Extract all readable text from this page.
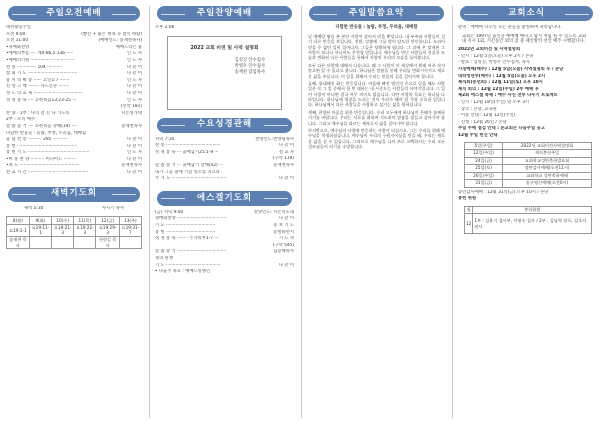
주일오전예배
대전광동주일
오전 9:00	(빨간 + 붙은 계속 꼭 참석 바람)
오전 11:00	(예배인도: 송재천목사)
•경배와찬양	예배드리는 중
•예배의부름 ···· 계4:8b,5:13b ·····	인 도 자
•예배의기원 ································	인 도 자
찬 송 ·············· 104 ···········	다 같 이
참 회 기 도 ····································	다 같 이
용 서 의 확 증 ······ 요일1:7 ·······	인 도 자
신 앙 고 백 ········ 사도신경 ········	다 같 이
성 도 의 교 제 ····································	다 같 이
성 경 봉 독 ···· 요한복음13:23-25 ···	인 도 자
(신약 181)
찬 양 · 1부 : 나의 갈 길 다 가도록	시온성가대
2부 : 오직 예수
말 씀 증 거 ···· 요한복음 강해(34) ····	송재천목사
다함한 반응들 : 놀람, 부정, 두려움, 대배함
응 답 찬 송 ·········· 295 ···········	다 같 이
봉 헌 ············································	다 같 이
봉 헌 기 도 ·············································	인 도 자
•마 송 찬 양 ·········· 미디어드 ·········	다 같 이
•축 도 ············································	송재천목사
친 교 시 간 ············································	다 같 이
새벽기도회
새벽 5:30	사시기 목사
8(월)	9(화)	10(수)	11(목)	12(금)	13(주)
요19:1-1	요19:11-1	요19:21-3	요19:22-3	요19:29-3	요19:31-7
송재천 목사				천헌길 목사	
주일찬양예배
오후 2:00
2022 교회 비전 및 사역 설명회
김성진 안수집사
박영우 안수집사
송재천 담임목사
수요성경관해
저녁 7:30	찬양인도:찬양팀목사
찬 송 ········································	다 같 이
성 경 봉 독 ··· 출애굽기25:1-9 ···	설 교 자
(구약 119)
말 씀 증 거 ··· 출애굽기 강해(42) ···	송재천목사
내가 그들 중에 거할 성소를 지으라
주 기 도 ········································	다 같 이
에스겔기도회
(금) 저녁 9:00	찬양인도: 시온의노래
경배와찬양 ····································	다 같 이
기 도 ····································	중 보 기 도
봉 헌 ····································	봉헌하면서
성 경 봉 독 ········ 누가복무1-7 ···	기 도 자
(구약 545)
말 씀 증 거 ····································	김용혜목사
목의 관쟁
기 도 ········································	다 같 이
• 다음주 목요 : 예배드릴맹인
주일말씀요약
다함한 반응들 : 놀람, 부정, 두려움, 대배함

날 예배당 땅을 본 본인 사람이 갔어서 믿을 뿐입니다. 내 부주와 사람들이 걸기 다른 반응을 보입니다. 전환, 말씀에 그를 맞이 당도한 언인합니다. 도리어 믿을 수 없던 일이 일어나자, 그들은 당황하게 됩니다. 그 뒤에 온 맞게된 그 사람이 보다니 아니어도 온전할 말입니다. 예수님을 만난 사람들의 진실한 모습과 변화된 다른 사람들을 통해서 사랑된 우리의 모습을 돌아봅니다.

모두 다른 사람에 대해서 다릅니다. 왜 그 사람이 이 세상에서 원래 아주 작지 않으면 알 수 있다고 합니다. 하나님은 말씀을 통해 우리를 변화시키시고 새로운 삶을 주십니다. 이 일을 위해서 우리는 믿음의 길을 걸어가야 합니다.

둘째, 위대해진 화는 반응입니다. 마음에 빠진 범인의 손으로 일을 해도 사람 일은 꼭 그 일 중에서 한 번 대하는 내 시중드는 사람들의 이야기입니다. 그 일이 사랑이 아니면 결국 아무 의미도 없습니다. 다만 사랑의 목표는 하나님 나라입니다. 하나님께 영광을 드리는 것이 우리가 해야 할 가장 중요한 일입니다. 하나님께서 다른 사람들을 사랑하고 섬기는 삶을 원하십니다.

셋째, 찬양된 마음을 위한 반응입니다. 우리 모두에게 하나님의 은혜가 함께하시기를 바랍니다. 우리는 서로를 위하여 기도하며 말씀을 붙들고 살아가야 합니다. 그리고 예수님을 따르는 제자로서 삶을 살아가야 합니다.

마지막으로, 예수님의 사랑에 반응하는 사람이 되십시오. 그는 우리를 위해 예수님을 희생하셨습니다. 예수님이 우리의 구원자이심을 믿을 때, 우리는 새로운 삶을 살 수 있습니다. 그러므로 예수님을 나의 주로 고백하시는 우리 모든 성도님들이 되기를 소망합니다.

교회소식
환영 : 예배에 나오신 모든 분들을 환영하며 축복합니다.
교회는 1997년 출신을 예배해 매다고 합시 처럼 될 수 있도록 교회 내 지시 1회, 기간동안 외의 잠 중 체인방역 선언 매주 시행합니다.
2022년 교회비전 및 사역설명회
- 일시 : 12월 5일(오늘) 오후 2시 / 본당
- 발표 : 김성진, 박영우 안수집사, 목사
가정예배(매주) : 12월 5일(오늘) 사역설명회 후 / 본당
대학청년부(매주) : 12월 5일(오늘) 오후 2시
제직회(송년회) : 12월 11일(토) 오후 10시
제직 회의 : 12월 12일(주일) 2부 예배 후
제2회 에스겔 축제 : 예수 사진 전부 나누기 프로젝트
- 일시 : 12월 18일(주일) 당 오후 3시
- 장소 : 본당, 교육관
- 이용 안내 : 12월 12일(주일)
- 신청 : 12월 26일 / 본당
주일 주배 점검 안내 : 본교회는 다음주일 공고
12월 주일 헌신 안내
5일(주일)	2022년 교회비전사역설명회
12일(주일)	제직봉헌주일
24일(금)	교회학교성탄축하발표회
25일(토)	성탄감사예배(오전11시)
26일(주일)	교회학교 성탄축하예배
31일(금)	송구영신예배(오전0시)
송년감사예배 : 12월 31일(금) 오후 10시 / 본당
봉헌 위원
월	봉헌위원
12	1부 : 김용기 집사부, 이영숙 집사 / 2부 : 김남혁 장로, 김오자 권사
